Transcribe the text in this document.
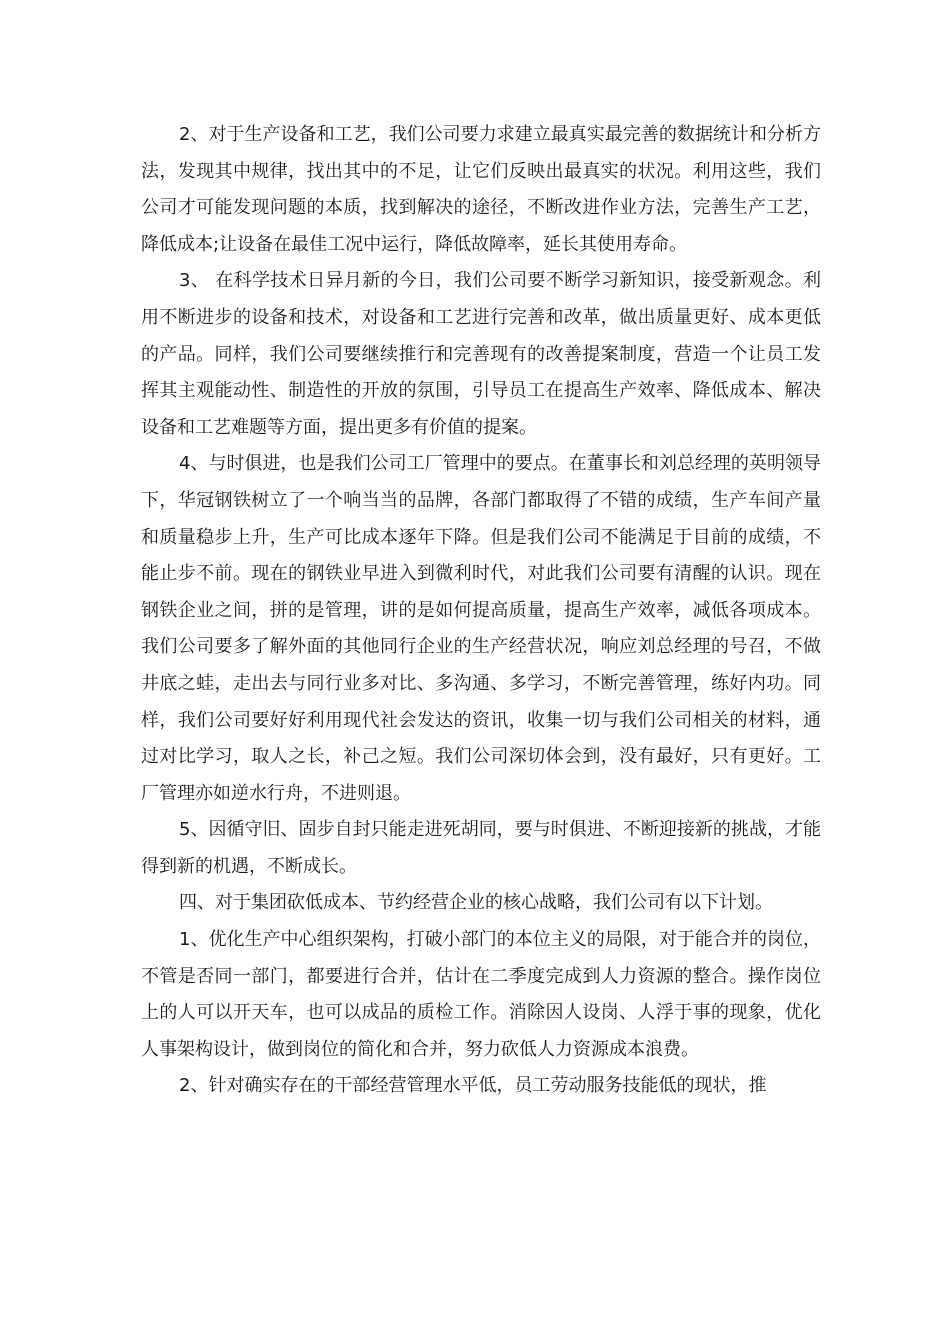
2、对于生产设备和工艺，我们公司要力求建立最真实最完善的数据统计和分析方法，发现其中规律，找出其中的不足，让它们反映出最真实的状况。利用这些，我们公司才可能发现问题的本质，找到解决的途径，不断改进作业方法，完善生产工艺，降低成本;让设备在最佳工况中运行，降低故障率，延长其使用寿命。

3、 在科学技术日异月新的今日，我们公司要不断学习新知识，接受新观念。利用不断进步的设备和技术，对设备和工艺进行完善和改革，做出质量更好、成本更低的产品。同样，我们公司要继续推行和完善现有的改善提案制度，营造一个让员工发挥其主观能动性、制造性的开放的氛围，引导员工在提高生产效率、降低成本、解决设备和工艺难题等方面，提出更多有价值的提案。

4、与时俱进，也是我们公司工厂管理中的要点。在董事长和刘总经理的英明领导下，华冠钢铁树立了一个响当当的品牌，各部门都取得了不错的成绩，生产车间产量和质量稳步上升，生产可比成本逐年下降。但是我们公司不能满足于目前的成绩，不能止步不前。现在的钢铁业早进入到微利时代，对此我们公司要有清醒的认识。现在钢铁企业之间，拼的是管理，讲的是如何提高质量，提高生产效率，减低各项成本。我们公司要多了解外面的其他同行企业的生产经营状况，响应刘总经理的号召，不做井底之蛙，走出去与同行业多对比、多沟通、多学习，不断完善管理，练好内功。同样，我们公司要好好利用现代社会发达的资讯，收集一切与我们公司相关的材料，通过对比学习，取人之长，补己之短。我们公司深切体会到，没有最好，只有更好。工厂管理亦如逆水行舟，不进则退。

5、因循守旧、固步自封只能走进死胡同，要与时俱进、不断迎接新的挑战，才能得到新的机遇，不断成长。

四、对于集团砍低成本、节约经营企业的核心战略，我们公司有以下计划。

1、优化生产中心组织架构，打破小部门的本位主义的局限，对于能合并的岗位，不管是否同一部门，都要进行合并，估计在二季度完成到人力资源的整合。操作岗位上的人可以开天车，也可以成品的质检工作。消除因人设岗、人浮于事的现象，优化人事架构设计，做到岗位的简化和合并，努力砍低人力资源成本浪费。

2、针对确实存在的干部经营管理水平低，员工劳动服务技能低的现状，推
